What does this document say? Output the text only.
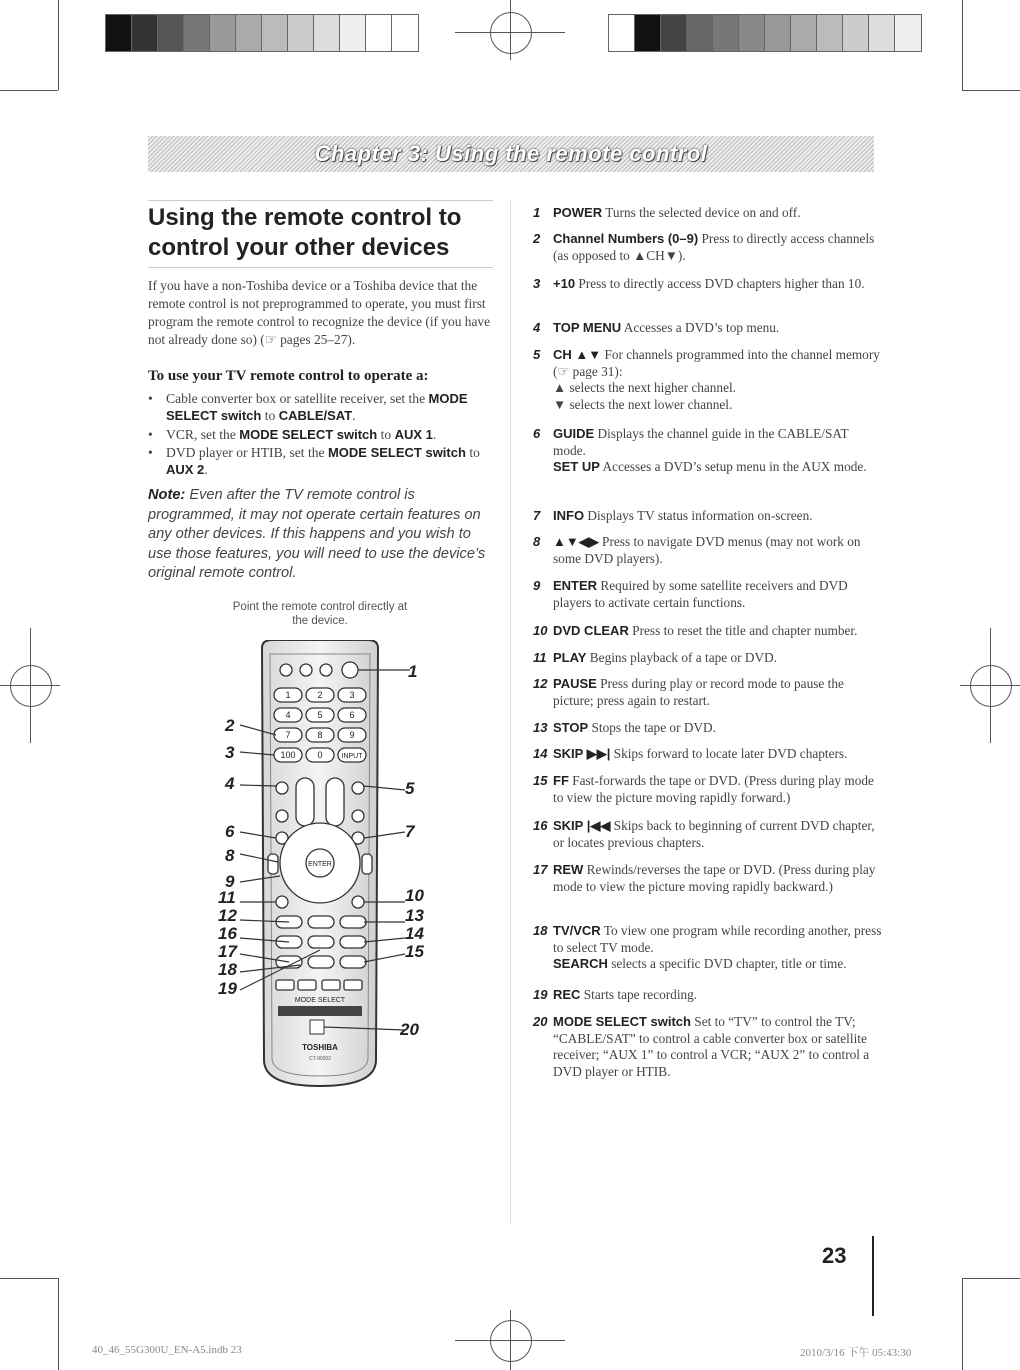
Chapter 3: Using the remote control
Using the remote control to
control your other devices
If you have a non-Toshiba device or a Toshiba device that the remote control is not preprogrammed to operate, you must first program the remote control to recognize the device (if you have not already done so) (☞ pages 25–27).
To use your TV remote control to operate a:
• Cable converter box or satellite receiver, set the MODE SELECT switch to CABLE/SAT.
• VCR, set the MODE SELECT switch to AUX 1.
• DVD player or HTIB, set the MODE SELECT switch to AUX 2.
Note: Even after the TV remote control is programmed, it may not operate certain features on any other devices. If this happens and you wish to use those features, you will need to use the device’s original remote control.
Point the remote control directly at the device.
1	2	3
4	5	6
7	8	9
100 0	INPUT
ENTER
MODE SELECT
TOSHIBA
CT-90302
1
2
3
4	5
6	7
8
9
10
11
12	13
14
15
16
17
18
19
20
1 POWER Turns the selected device on and off.
2 Channel Numbers (0–9) Press to directly access channels (as opposed to ▲CH▼).
3 +10 Press to directly access DVD chapters higher than 10.
4 TOP MENU Accesses a DVD’s top menu.
5 CH ▲▼ For channels programmed into the channel memory (☞ page 31):
▲ selects the next higher channel.
▼ selects the next lower channel.
6 GUIDE Displays the channel guide in the CABLE/SAT mode.
SET UP Accesses a DVD’s setup menu in the AUX mode.
7 INFO Displays TV status information on-screen.
8 ▲▼◀▶ Press to navigate DVD menus (may not work on some DVD players).
9 ENTER Required by some satellite receivers and DVD players to activate certain functions.
10 DVD CLEAR Press to reset the title and chapter number.
11 PLAY Begins playback of a tape or DVD.
12 PAUSE Press during play or record mode to pause the picture; press again to restart.
13 STOP Stops the tape or DVD.
14 SKIP ▶▶| Skips forward to locate later DVD chapters.
15 FF Fast-forwards the tape or DVD. (Press during play mode to view the picture moving rapidly forward.)
16 SKIP |◀◀ Skips back to beginning of current DVD chapter, or locates previous chapters.
17 REW Rewinds/reverses the tape or DVD. (Press during play mode to view the picture moving rapidly backward.)
18 TV/VCR To view one program while recording another, press to select TV mode.
SEARCH selects a specific DVD chapter, title or time.
19 REC Starts tape recording.
20 MODE SELECT switch Set to “TV” to control the TV; “CABLE/SAT” to control a cable converter box or satellite receiver; “AUX 1” to control a VCR; “AUX 2” to control a DVD player or HTIB.
23
40_46_55G300U_EN-A5.indb 23	2010/3/16 下午 05:43:30
